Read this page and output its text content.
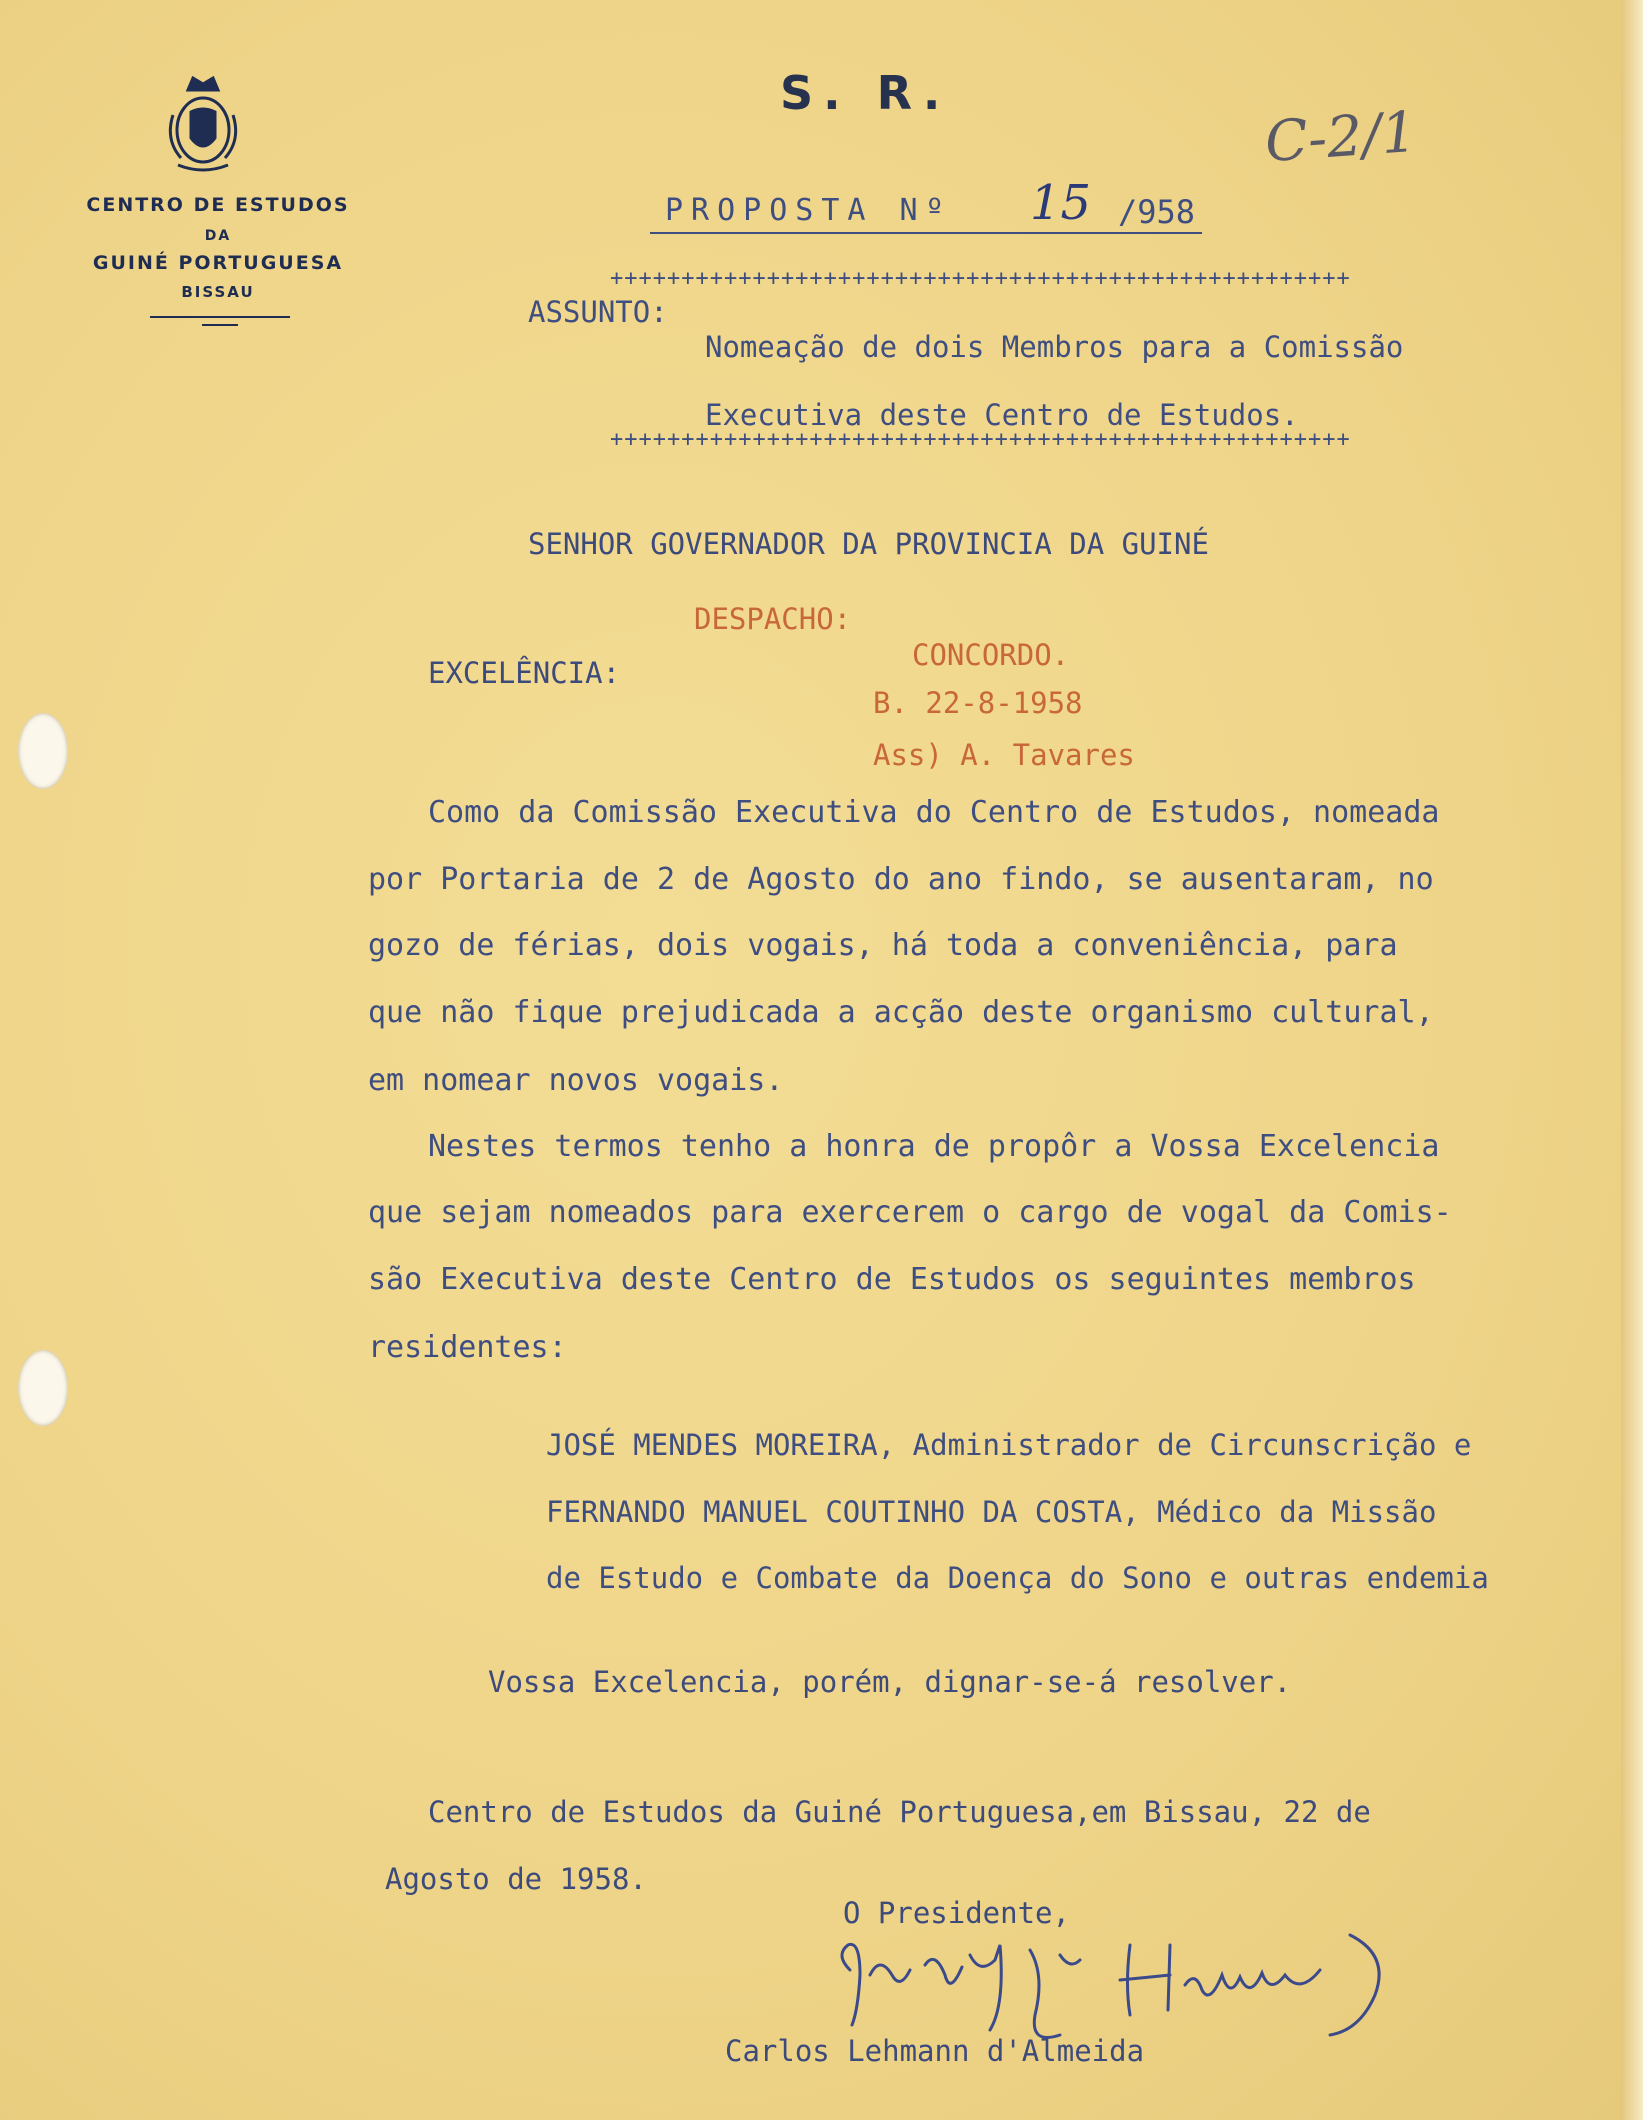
CENTRO DE ESTUDOS
DA
GUINÉ PORTUGUESA
BISSAU
S. R.
C-2/1
PROPOSTA Nº 15 /958
++++++++++++++++++++++++++++++++++++++++++++++++++++
ASSUNTO:
Nomeação de dois Membros para a Comissão
Executiva deste Centro de Estudos.
++++++++++++++++++++++++++++++++++++++++++++++++++++
SENHOR GOVERNADOR DA PROVINCIA DA GUINÉ
DESPACHO:
EXCELÊNCIA:
CONCORDO.
B. 22-8-1958
Ass) A. Tavares
Como da Comissão Executiva do Centro de Estudos, nomeada
por Portaria de 2 de Agosto do ano findo, se ausentaram, no
gozo de férias, dois vogais, há toda a conveniência, para
que não fique prejudicada a acção deste organismo cultural,
em nomear novos vogais.
Nestes termos tenho a honra de propôr a Vossa Excelencia
que sejam nomeados para exercerem o cargo de vogal da Comis-
são Executiva deste Centro de Estudos os seguintes membros
residentes:
JOSÉ MENDES MOREIRA, Administrador de Circunscrição e
FERNANDO MANUEL COUTINHO DA COSTA, Médico da Missão
de Estudo e Combate da Doença do Sono e outras endemia
Vossa Excelencia, porém, dignar-se-á resolver.
Centro de Estudos da Guiné Portuguesa,em Bissau, 22 de
Agosto de 1958.
O Presidente,
Carlos Lehmann d'Almeida
